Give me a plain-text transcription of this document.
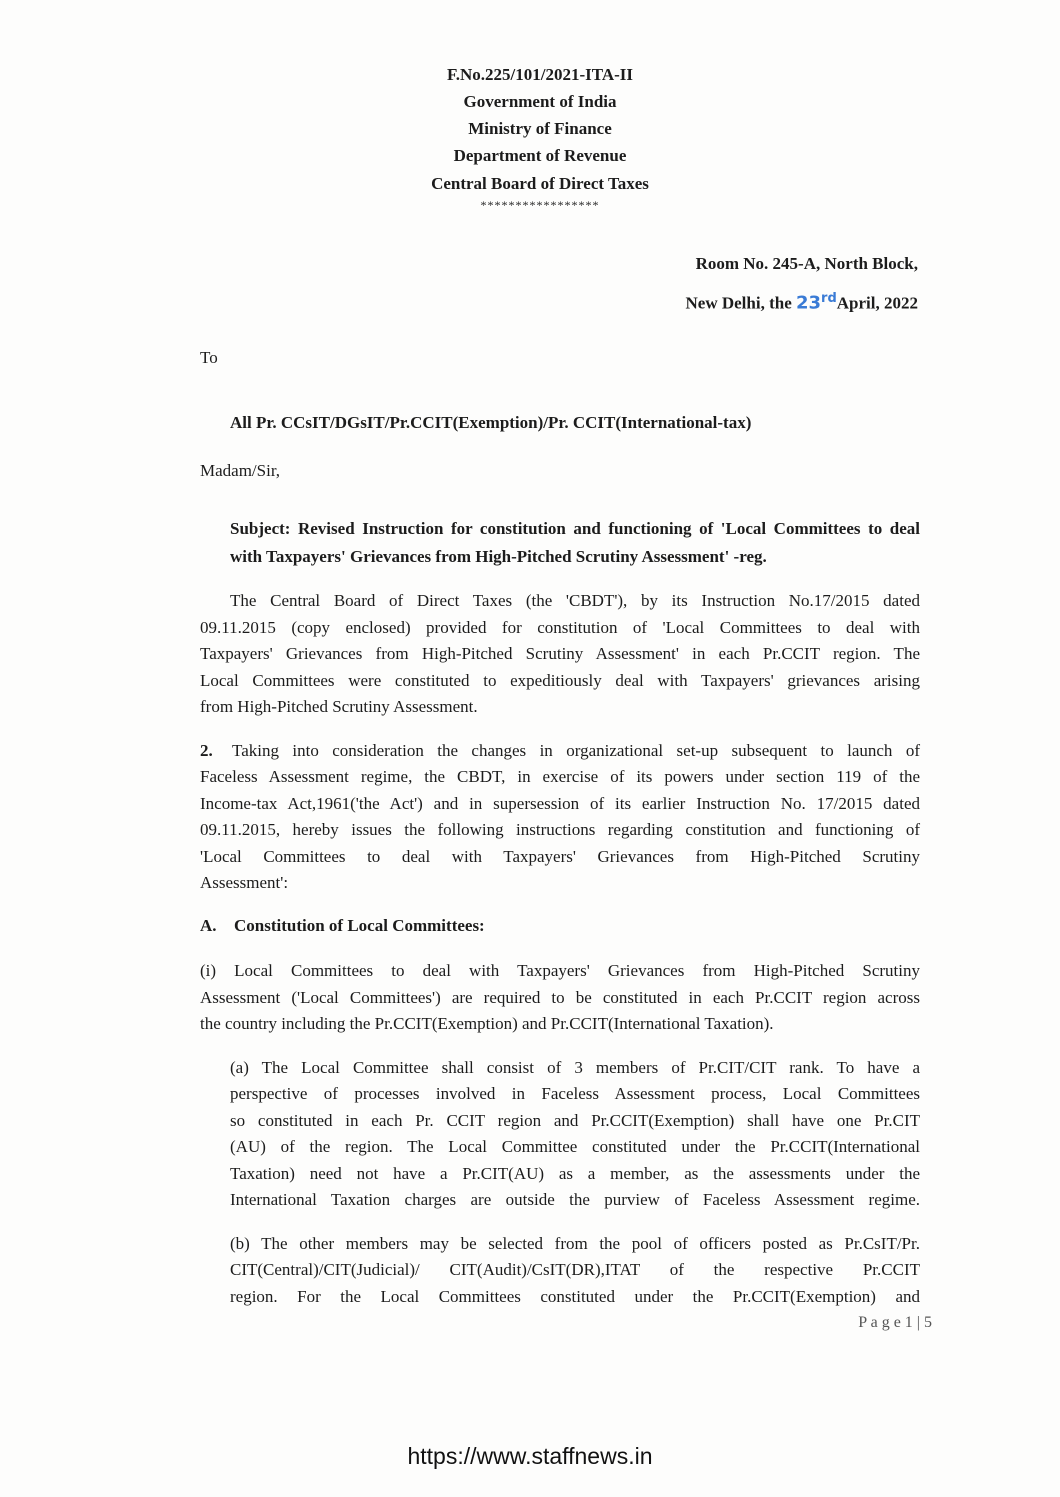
F.No.225/101/2021-ITA-II
Government of India
Ministry of Finance
Department of Revenue
Central Board of Direct Taxes
*****************
Room No. 245-A, North Block,
New Delhi, the 23rdApril, 2022
To
All Pr. CCsIT/DGsIT/Pr.CCIT(Exemption)/Pr. CCIT(International-tax)
Madam/Sir,
Subject: Revised Instruction for constitution and functioning of 'Local Committees to deal
with Taxpayers' Grievances from High-Pitched Scrutiny Assessment' -reg.
The Central Board of Direct Taxes (the 'CBDT'), by its Instruction No.17/2015 dated
09.11.2015 (copy enclosed) provided for constitution of 'Local Committees to deal with
Taxpayers' Grievances from High-Pitched Scrutiny Assessment' in each Pr.CCIT region. The
Local Committees were constituted to expeditiously deal with Taxpayers' grievances arising
from High-Pitched Scrutiny Assessment.
2. Taking into consideration the changes in organizational set-up subsequent to launch of
Faceless Assessment regime, the CBDT, in exercise of its powers under section 119 of the
Income-tax Act,1961('the Act') and in supersession of its earlier Instruction No. 17/2015 dated
09.11.2015, hereby issues the following instructions regarding constitution and functioning of
'Local Committees to deal with Taxpayers' Grievances from High-Pitched Scrutiny
Assessment':
A. Constitution of Local Committees:
(i) Local Committees to deal with Taxpayers' Grievances from High-Pitched Scrutiny
Assessment ('Local Committees') are required to be constituted in each Pr.CCIT region across
the country including the Pr.CCIT(Exemption) and Pr.CCIT(International Taxation).
(a) The Local Committee shall consist of 3 members of Pr.CIT/CIT rank. To have a
perspective of processes involved in Faceless Assessment process, Local Committees
so constituted in each Pr. CCIT region and Pr.CCIT(Exemption) shall have one Pr.CIT
(AU) of the region. The Local Committee constituted under the Pr.CCIT(International
Taxation) need not have a Pr.CIT(AU) as a member, as the assessments under the
International Taxation charges are outside the purview of Faceless Assessment regime.
(b) The other members may be selected from the pool of officers posted as Pr.CsIT/Pr.
CIT(Central)/CIT(Judicial)/ CIT(Audit)/CsIT(DR),ITAT of the respective Pr.CCIT
region. For the Local Committees constituted under the Pr.CCIT(Exemption) and
P a g e 1 | 5
https://www.staffnews.in
